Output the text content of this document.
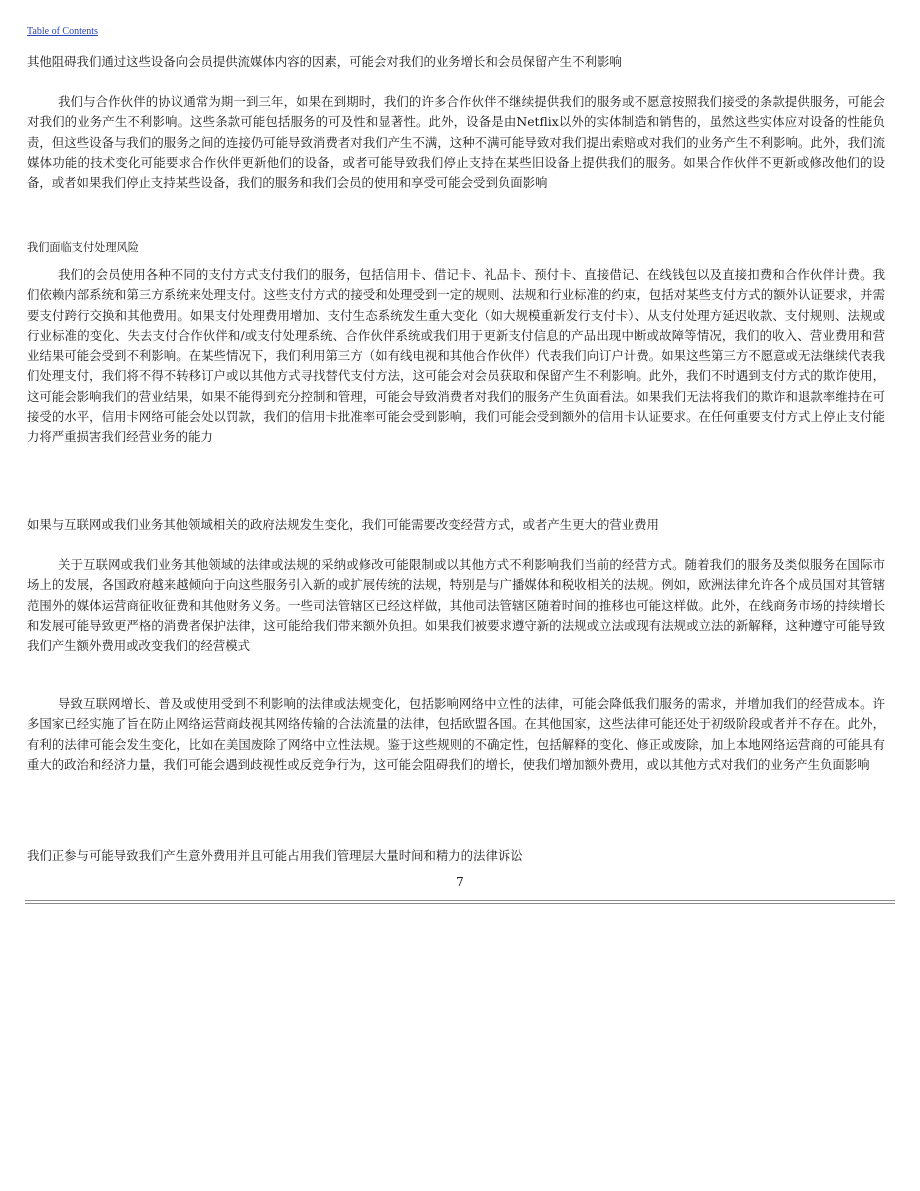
Table of Contents
其他阻碍我们通过这些设备向会员提供流媒体内容的因素，可能会对我们的业务增长和会员保留产生不利影响
我们与合作伙伴的协议通常为期一到三年，如果在到期时，我们的许多合作伙伴不继续提供我们的服务或不愿意按照我们接受的条款提供服务，可能会对我们的业务产生不利影响。这些条款可能包括服务的可及性和显著性。此外，设备是由Netflix以外的实体制造和销售的，虽然这些实体应对设备的性能负责，但这些设备与我们的服务之间的连接仍可能导致消费者对我们产生不满，这种不满可能导致对我们提出索赔或对我们的业务产生不利影响。此外，我们流媒体功能的技术变化可能要求合作伙伴更新他们的设备，或者可能导致我们停止支持在某些旧设备上提供我们的服务。如果合作伙伴不更新或修改他们的设备，或者如果我们停止支持某些设备，我们的服务和我们会员的使用和享受可能会受到负面影响
我们面临支付处理风险
我们的会员使用各种不同的支付方式支付我们的服务，包括信用卡、借记卡、礼品卡、预付卡、直接借记、在线钱包以及直接扣费和合作伙伴计费。我们依赖内部系统和第三方系统来处理支付。这些支付方式的接受和处理受到一定的规则、法规和行业标准的约束，包括对某些支付方式的额外认证要求，并需要支付跨行交换和其他费用。如果支付处理费用增加、支付生态系统发生重大变化（如大规模重新发行支付卡）、从支付处理方延迟收款、支付规则、法规或行业标准的变化、失去支付合作伙伴和/或支付处理系统、合作伙伴系统或我们用于更新支付信息的产品出现中断或故障等情况，我们的收入、营业费用和营业结果可能会受到不利影响。在某些情况下，我们利用第三方（如有线电视和其他合作伙伴）代表我们向订户计费。如果这些第三方不愿意或无法继续代表我们处理支付，我们将不得不转移订户或以其他方式寻找替代支付方法，这可能会对会员获取和保留产生不利影响。此外，我们不时遇到支付方式的欺诈使用，这可能会影响我们的营业结果，如果不能得到充分控制和管理，可能会导致消费者对我们的服务产生负面看法。如果我们无法将我们的欺诈和退款率维持在可接受的水平，信用卡网络可能会处以罚款，我们的信用卡批准率可能会受到影响，我们可能会受到额外的信用卡认证要求。在任何重要支付方式上停止支付能力将严重损害我们经营业务的能力
如果与互联网或我们业务其他领域相关的政府法规发生变化，我们可能需要改变经营方式，或者产生更大的营业费用
关于互联网或我们业务其他领域的法律或法规的采纳或修改可能限制或以其他方式不利影响我们当前的经营方式。随着我们的服务及类似服务在国际市场上的发展，各国政府越来越倾向于向这些服务引入新的或扩展传统的法规，特别是与广播媒体和税收相关的法规。例如，欧洲法律允许各个成员国对其管辖范围外的媒体运营商征收征费和其他财务义务。一些司法管辖区已经这样做，其他司法管辖区随着时间的推移也可能这样做。此外，在线商务市场的持续增长和发展可能导致更严格的消费者保护法律，这可能给我们带来额外负担。如果我们被要求遵守新的法规或立法或现有法规或立法的新解释，这种遵守可能导致我们产生额外费用或改变我们的经营模式
导致互联网增长、普及或使用受到不利影响的法律或法规变化，包括影响网络中立性的法律，可能会降低我们服务的需求，并增加我们的经营成本。许多国家已经实施了旨在防止网络运营商歧视其网络传输的合法流量的法律，包括欧盟各国。在其他国家，这些法律可能还处于初级阶段或者并不存在。此外，有利的法律可能会发生变化，比如在美国废除了网络中立性法规。鉴于这些规则的不确定性，包括解释的变化、修正或废除，加上本地网络运营商的可能具有重大的政治和经济力量，我们可能会遇到歧视性或反竞争行为，这可能会阻碍我们的增长，使我们增加额外费用，或以其他方式对我们的业务产生负面影响
我们正参与可能导致我们产生意外费用并且可能占用我们管理层大量时间和精力的法律诉讼
7
